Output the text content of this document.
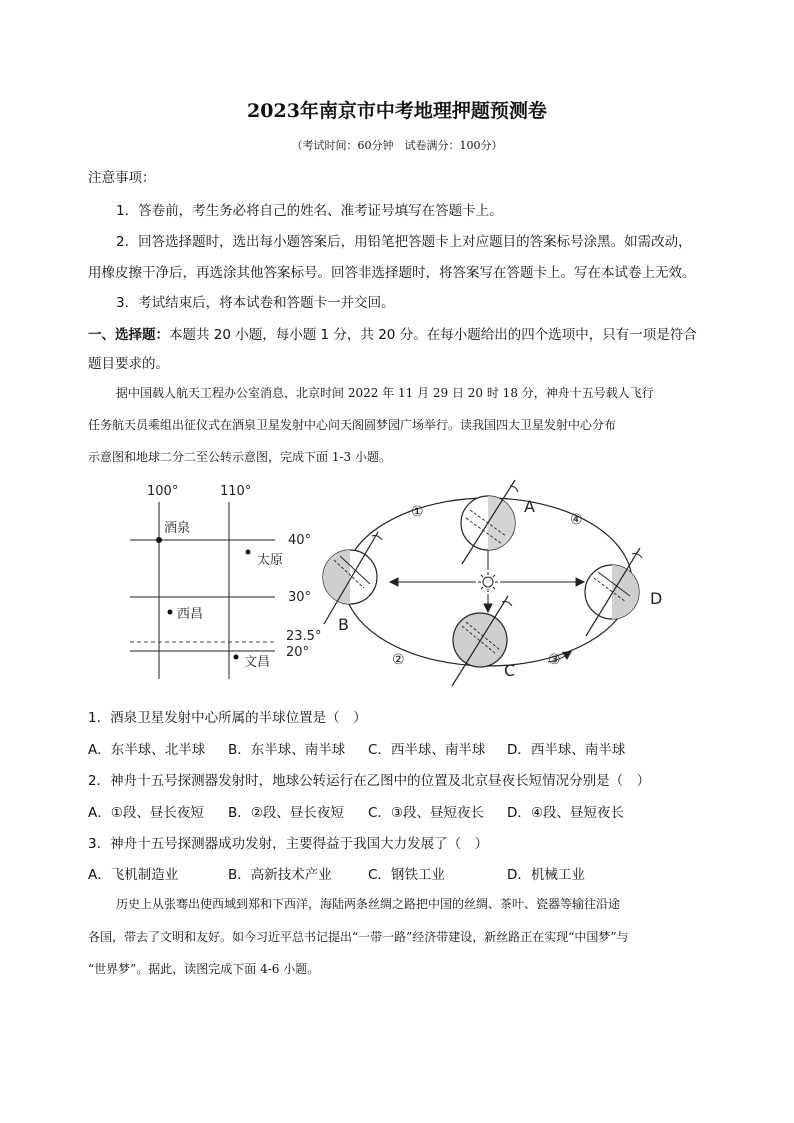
2023年南京市中考地理押题预测卷
（考试时间：60分钟　试卷满分：100分）
注意事项：
1．答卷前，考生务必将自己的姓名、准考证号填写在答题卡上。
2．回答选择题时，选出每小题答案后，用铅笔把答题卡上对应题目的答案标号涂黑。如需改动，
用橡皮擦干净后，再选涂其他答案标号。回答非选择题时，将答案写在答题卡上。写在本试卷上无效。
3．考试结束后，将本试卷和答题卡一并交回。
一、选择题：本题共 20 小题，每小题 1 分，共 20 分。在每小题给出的四个选项中，只有一项是符合
题目要求的。
据中国载人航天工程办公室消息，北京时间 2022 年 11 月 29 日 20 时 18 分，神舟十五号载人飞行
任务航天员乘组出征仪式在酒泉卫星发射中心问天阁圆梦园广场举行。读我国四大卫星发射中心分布
示意图和地球二分二至公转示意图，完成下面 1-3 小题。
100°	110°
40°
30°
23.5°
20°
酒泉
太原
西昌
文昌
A
B
C
D
①
②	③
④
1．酒泉卫星发射中心所属的半球位置是（　）
A．东半球、北半球 B．东半球、南半球 C．西半球、南半球 D．西半球、南半球
2．神舟十五号探测器发射时，地球公转运行在乙图中的位置及北京昼夜长短情况分别是（　）
A．①段、昼长夜短 B．②段、昼长夜短 C．③段、昼短夜长 D．④段、昼短夜长
3．神舟十五号探测器成功发射，主要得益于我国大力发展了（　）
A．飞机制造业	B．高新技术产业	C．钢铁工业	D．机械工业
历史上从张骞出使西域到郑和下西洋，海陆两条丝绸之路把中国的丝绸、茶叶、瓷器等输往沿途
各国，带去了文明和友好。如今习近平总书记提出“一带一路”经济带建设，新丝路正在实现“中国梦”与
“世界梦”。据此，读图完成下面 4-6 小题。
